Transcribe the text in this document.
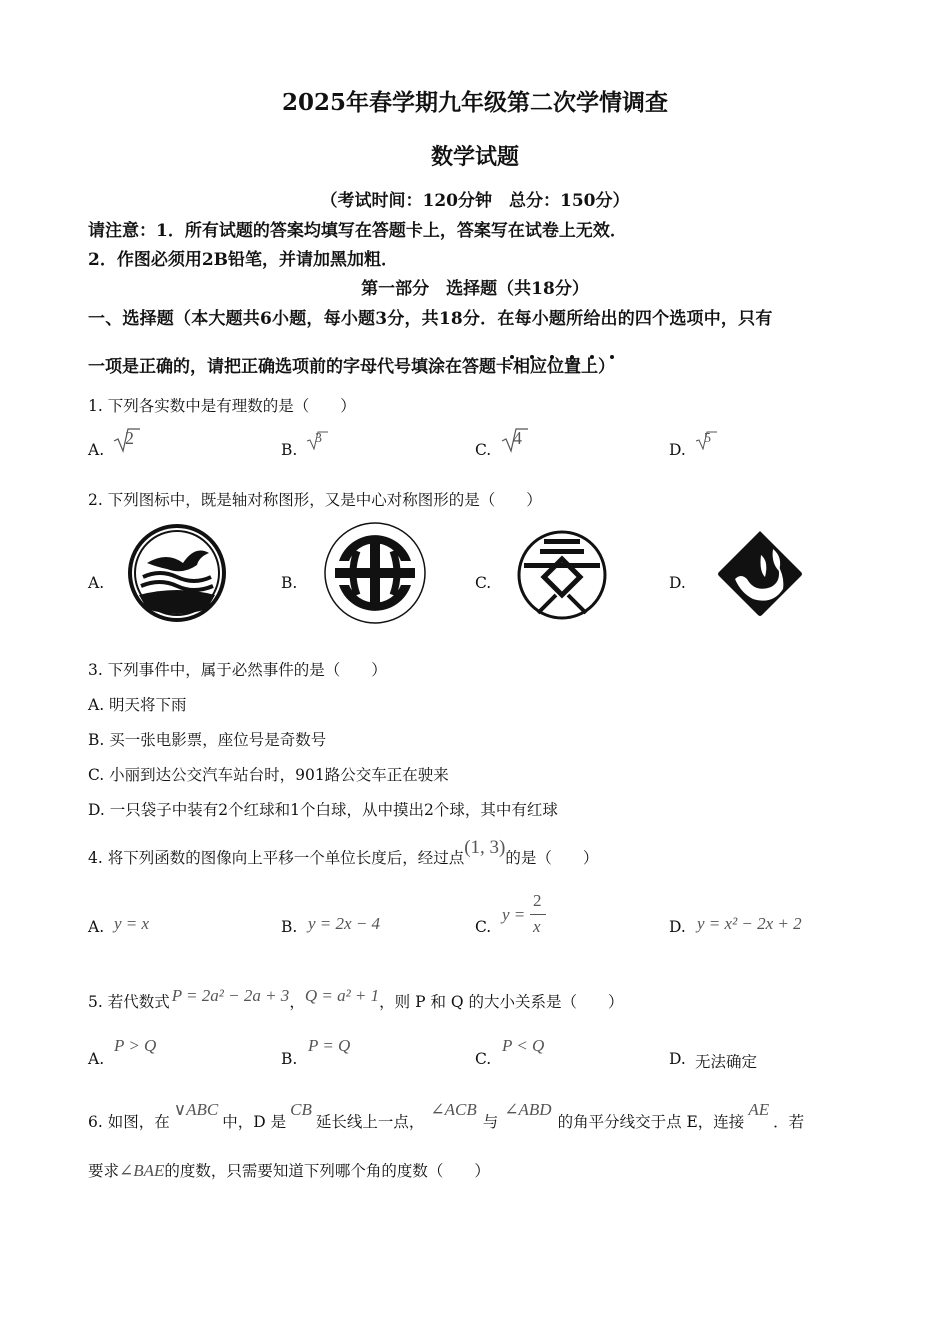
2025年春学期九年级第二次学情调查
数学试题
（考试时间：120分钟　总分：150分）
请注意：1．所有试题的答案均填写在答题卡上，答案写在试卷上无效．
2．作图必须用2B铅笔，并请加黑加粗．
第一部分　选择题（共18分）
一、选择题（本大题共6小题，每小题3分，共18分．在每小题所给出的四个选项中，只有
一项是正确的，请把正确选项前的字母代号填涂在答题卡相应位置上）
1. 下列各实数中是有理数的是（　　）
A.
2
B.
3
C.
4
D.
5
2. 下列图标中，既是轴对称图形，又是中心对称图形的是（　　）
A.	B.	C.	D.
3. 下列事件中，属于必然事件的是（　　）
A. 明天将下雨
B. 买一张电影票，座位号是奇数号
C. 小丽到达公交汽车站台时，901路公交车正在驶来
D. 一只袋子中装有2个红球和1个白球，从中摸出2个球，其中有红球
4. 将下列函数的图像向上平移一个单位长度后，经过点(1, 3)的是（　　）
A. y = x	B. y = 2x − 4	C.
y =
2
x	D. y = x² − 2x + 2
5. 若代数式 P = 2a² − 2a + 3，Q = a² + 1，则 P 和 Q 的大小关系是（　　）
A.
P > Q
B.
P = Q
C.
P < Q
D. 无法确定
6. 如图，在∨ABC中，D 是CB延长线上一点，∠ACB与∠ABD的角平分线交于点 E，连接AE．若
要求∠BAE的度数，只需要知道下列哪个角的度数（　　）
